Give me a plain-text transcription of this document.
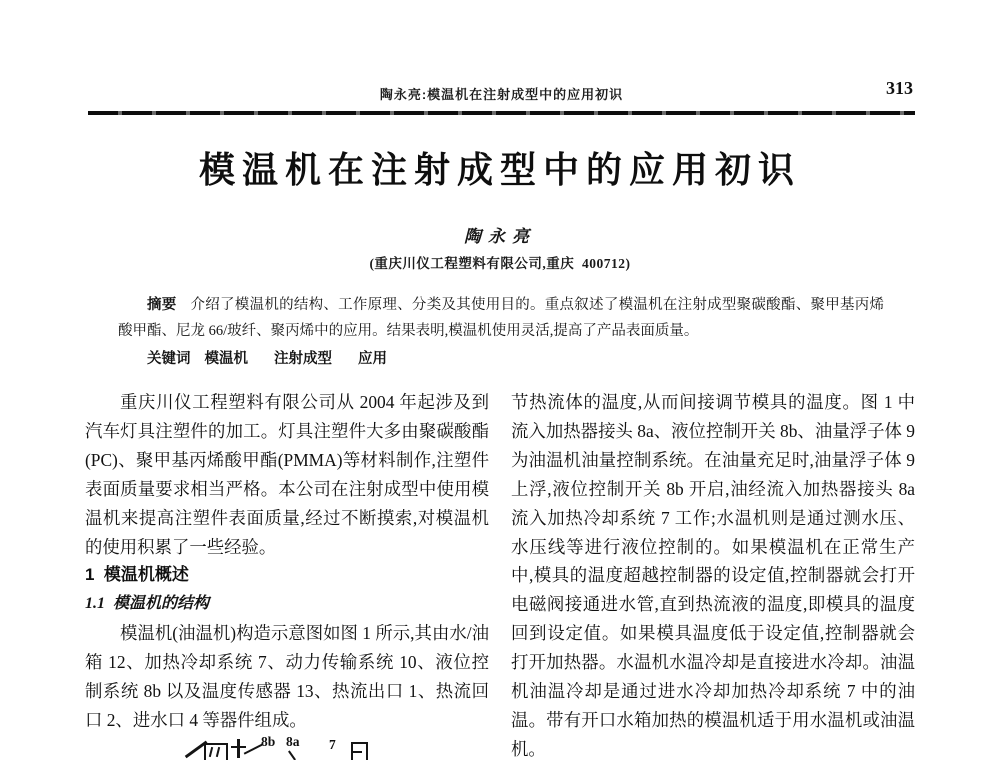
陶永亮:模温机在注射成型中的应用初识	313
模温机在注射成型中的应用初识
陶永亮
(重庆川仪工程塑料有限公司,重庆  400712)

摘要 介绍了模温机的结构、工作原理、分类及其使用目的。重点叙述了模温机在注射成型聚碳酸酯、聚甲基丙烯酸甲酯、尼龙 66/玻纤、聚丙烯中的应用。结果表明,模温机使用灵活,提高了产品表面质量。

关键词 模温机 注射成型 应用

重庆川仪工程塑料有限公司从 2004 年起涉及到汽车灯具注塑件的加工。灯具注塑件大多由聚碳酸酯(PC)、聚甲基丙烯酸甲酯(PMMA)等材料制作,注塑件表面质量要求相当严格。本公司在注射成型中使用模温机来提高注塑件表面质量,经过不断摸索,对模温机的使用积累了一些经验。

1  模温机概述
1.1  模温机的结构

模温机(油温机)构造示意图如图 1 所示,其由水/油箱 12、加热冷却系统 7、动力传输系统 10、液位控制系统 8b 以及温度传感器 13、热流出口 1、热流回口 2、进水口 4 等器件组成。

8b 8a 7

节热流体的温度,从而间接调节模具的温度。图 1 中流入加热器接头 8a、液位控制开关 8b、油量浮子体 9 为油温机油量控制系统。在油量充足时,油量浮子体 9 上浮,液位控制开关 8b 开启,油经流入加热器接头 8a 流入加热冷却系统 7 工作;水温机则是通过测水压、水压线等进行液位控制的。如果模温机在正常生产中,模具的温度超越控制器的设定值,控制器就会打开电磁阀接通进水管,直到热流液的温度,即模具的温度回到设定值。如果模具温度低于设定值,控制器就会打开加热器。水温机水温冷却是直接进水冷却。油温机油温冷却是通过进水冷却加热冷却系统 7 中的油温。带有开口水箱加热的模温机适于用水温机或油温机。
